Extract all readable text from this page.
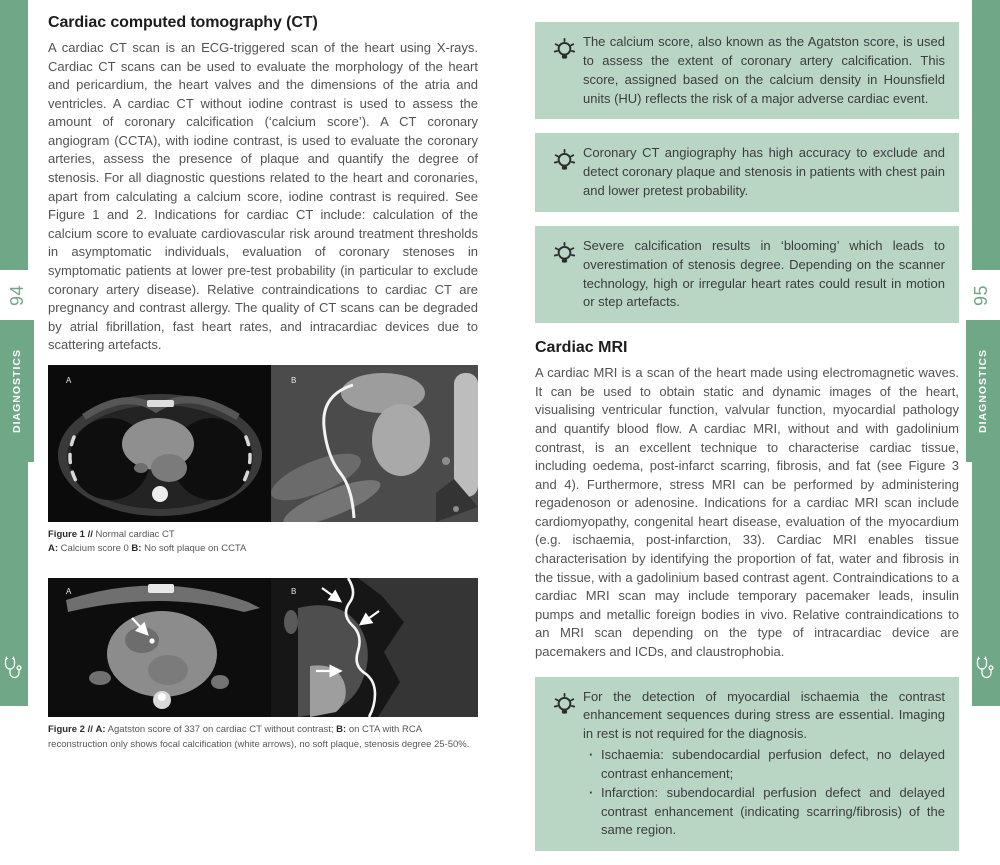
94
DIAGNOSTICS
95
DIAGNOSTICS
Cardiac computed tomography (CT)

A cardiac CT scan is an ECG-triggered scan of the heart using X-rays. Cardiac CT scans can be used to evaluate the morphology of the heart and pericardium, the heart valves and the dimensions of the atria and ventricles. A cardiac CT without iodine contrast is used to assess the amount of coronary calcification (‘calcium score’). A CT coronary angiogram (CCTA), with iodine contrast, is used to evaluate the coronary arteries, assess the presence of plaque and quantify the degree of stenosis. For all diagnostic questions related to the heart and coronaries, apart from calculating a calcium score, iodine contrast is required. See Figure 1 and 2. Indications for cardiac CT include: calculation of the calcium score to evaluate cardiovascular risk around treatment thresholds in asymptomatic individuals, evaluation of coronary stenoses in symptomatic patients at lower pre-test probability (in particular to exclude coronary artery disease). Relative contraindications to cardiac CT are pregnancy and contrast allergy. The quality of CT scans can be degraded by atrial fibrillation, fast heart rates, and intracardiac devices due to scattering artefacts.

A	B

Figure 1 // Normal cardiac CT
A: Calcium score 0 B: No soft plaque on CCTA

A	B

Figure 2 // A: Agatston score of 337 on cardiac CT without contrast; B: on CTA with RCA reconstruction only shows focal calcification (white arrows), no soft plaque, stenosis degree 25-50%.

The calcium score, also known as the Agatston score, is used to assess the extent of coronary artery calcification. This score, assigned based on the calcium density in Hounsfield units (HU) reflects the risk of a major adverse cardiac event.
Coronary CT angiography has high accuracy to exclude and detect coronary plaque and stenosis in patients with chest pain and lower pretest probability.
Severe calcification results in ‘blooming’ which leads to overestimation of stenosis degree. Depending on the scanner technology, high or irregular heart rates could result in motion or step artefacts.
Cardiac MRI

A cardiac MRI is a scan of the heart made using electromagnetic waves. It can be used to obtain static and dynamic images of the heart, visualising ventricular function, valvular function, myocardial pathology and quantify blood flow. A cardiac MRI, without and with gadolinium contrast, is an excellent technique to characterise cardiac tissue, including oedema, post-infarct scarring, fibrosis, and fat (see Figure 3 and 4). Furthermore, stress MRI can be performed by administering regadenoson or adenosine. Indications for a cardiac MRI scan include cardiomyopathy, congenital heart disease, evaluation of the myocardium (e.g. ischaemia, post-infarction, 33). Cardiac MRI enables tissue characterisation by identifying the proportion of fat, water and fibrosis in the tissue, with a gadolinium based contrast agent. Contraindications to a cardiac MRI scan may include temporary pacemaker leads, insulin pumps and metallic foreign bodies in vivo. Relative contraindications to an MRI scan depending on the type of intracardiac device are pacemakers and ICDs, and claustrophobia.

For the detection of myocardial ischaemia the contrast enhancement sequences during stress are essential. Imaging in rest is not required for the diagnosis.
· Ischaemia: subendocardial perfusion defect, no delayed contrast enhancement;
· Infarction: subendocardial perfusion defect and delayed contrast enhancement (indicating scarring/fibrosis) of the same region.
